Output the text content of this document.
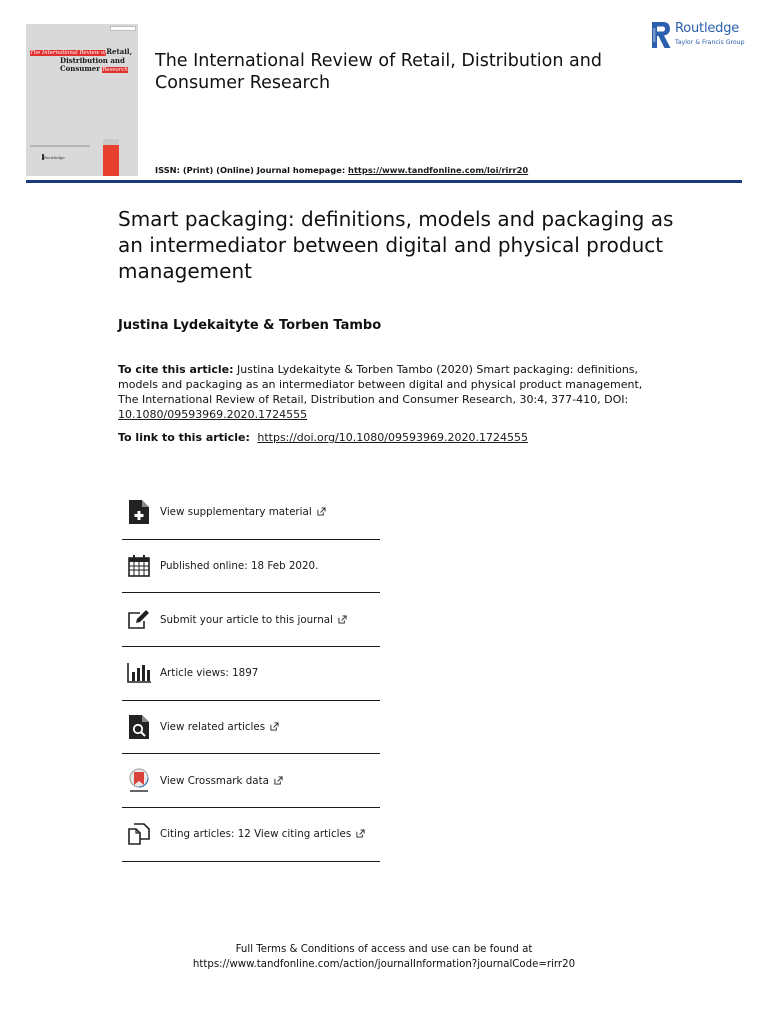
The International Review ofRetail,
Distribution and
Consumer Research
Routledge
The International Review of Retail, Distribution and Consumer Research
ISSN: (Print) (Online) Journal homepage: https://www.tandfonline.com/loi/rirr20
Routledge
Taylor & Francis Group
Smart packaging: definitions, models and packaging as an intermediator between digital and physical product management
Justina Lydekaityte & Torben Tambo
To cite this article: Justina Lydekaityte & Torben Tambo (2020) Smart packaging: definitions, models and packaging as an intermediator between digital and physical product management, The International Review of Retail, Distribution and Consumer Research, 30:4, 377-410, DOI: 10.1080/09593969.2020.1724555
To link to this article: https://doi.org/10.1080/09593969.2020.1724555
View supplementary material
Published online: 18 Feb 2020.
Submit your article to this journal
Article views: 1897
View related articles
View Crossmark data
Citing articles: 12 View citing articles
Full Terms & Conditions of access and use can be found at
https://www.tandfonline.com/action/journalInformation?journalCode=rirr20
